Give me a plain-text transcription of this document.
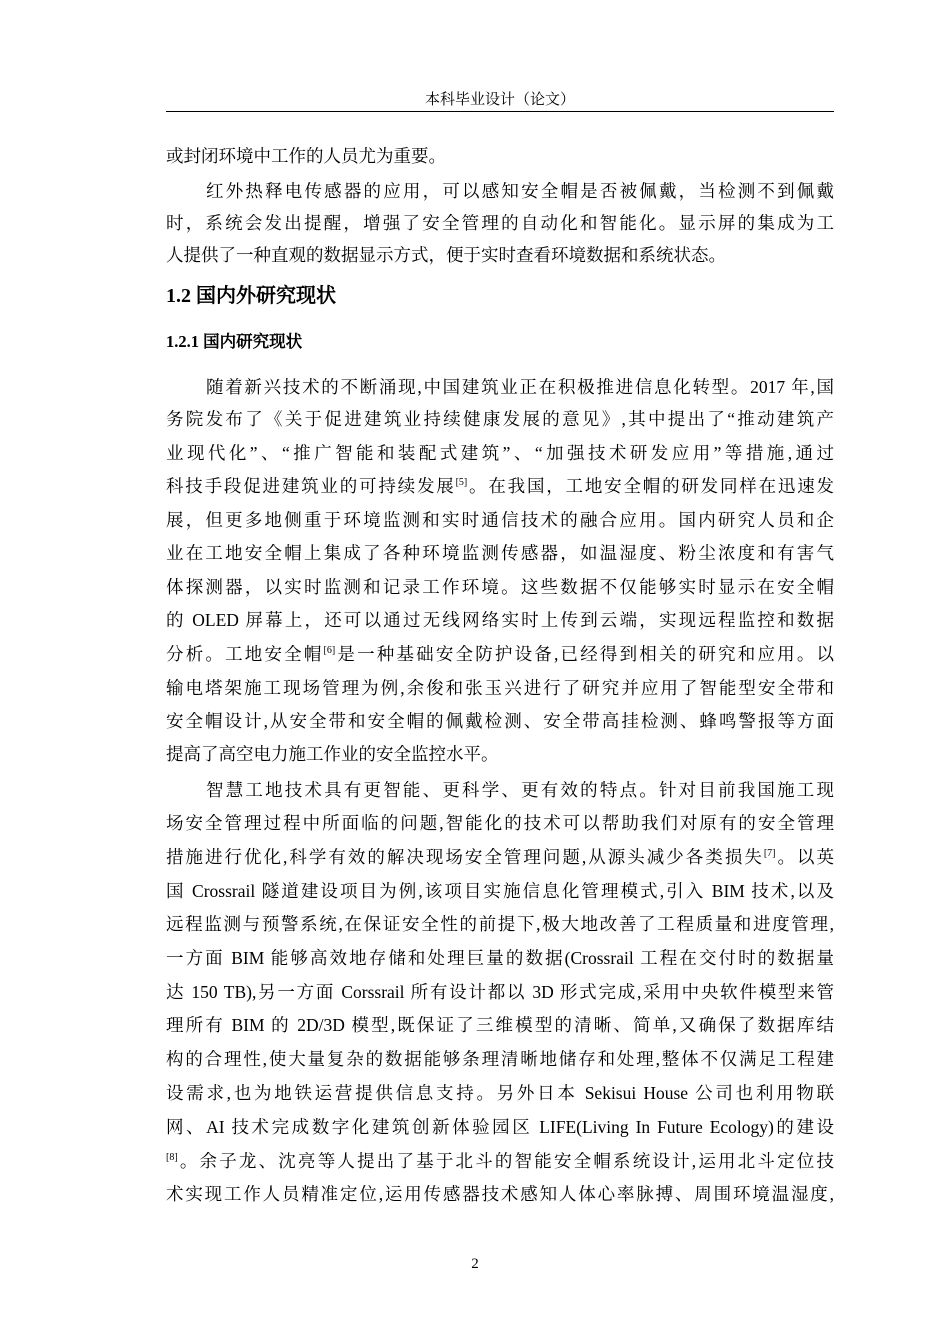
本科毕业设计（论文）
或封闭环境中工作的人员尤为重要。
红外热释电传感器的应用，可以感知安全帽是否被佩戴，当检测不到佩戴
时，系统会发出提醒，增强了安全管理的自动化和智能化。显示屏的集成为工
人提供了一种直观的数据显示方式，便于实时查看环境数据和系统状态。
1.2 国内外研究现状
1.2.1 国内研究现状
随着新兴技术的不断涌现,中国建筑业正在积极推进信息化转型。2017 年,国
务院发布了《关于促进建筑业持续健康发展的意见》,其中提出了“推动建筑产
业现代化”、“推广智能和装配式建筑”、“加强技术研发应用”等措施,通过
科技手段促进建筑业的可持续发展[5]。在我国，工地安全帽的研发同样在迅速发
展，但更多地侧重于环境监测和实时通信技术的融合应用。国内研究人员和企
业在工地安全帽上集成了各种环境监测传感器，如温湿度、粉尘浓度和有害气
体探测器，以实时监测和记录工作环境。这些数据不仅能够实时显示在安全帽
的 OLED 屏幕上，还可以通过无线网络实时上传到云端，实现远程监控和数据
分析。工地安全帽[6]是一种基础安全防护设备,已经得到相关的研究和应用。以
输电塔架施工现场管理为例,余俊和张玉兴进行了研究并应用了智能型安全带和
安全帽设计,从安全带和安全帽的佩戴检测、安全带高挂检测、蜂鸣警报等方面
提高了高空电力施工作业的安全监控水平。
智慧工地技术具有更智能、更科学、更有效的特点。针对目前我国施工现
场安全管理过程中所面临的问题,智能化的技术可以帮助我们对原有的安全管理
措施进行优化,科学有效的解决现场安全管理问题,从源头减少各类损失[7]。以英
国 Crossrail 隧道建设项目为例,该项目实施信息化管理模式,引入 BIM 技术,以及
远程监测与预警系统,在保证安全性的前提下,极大地改善了工程质量和进度管理,
一方面 BIM 能够高效地存储和处理巨量的数据(Crossrail 工程在交付时的数据量
达 150 TB),另一方面 Corssrail 所有设计都以 3D 形式完成,采用中央软件模型来管
理所有 BIM 的 2D/3D 模型,既保证了三维模型的清晰、简单,又确保了数据库结
构的合理性,使大量复杂的数据能够条理清晰地储存和处理,整体不仅满足工程建
设需求,也为地铁运营提供信息支持。另外日本 Sekisui House 公司也利用物联
网、AI 技术完成数字化建筑创新体验园区 LIFE(Living In Future Ecology)的建设
[8]。余子龙、沈亮等人提出了基于北斗的智能安全帽系统设计,运用北斗定位技
术实现工作人员精准定位,运用传感器技术感知人体心率脉搏、周围环境温湿度,
2
